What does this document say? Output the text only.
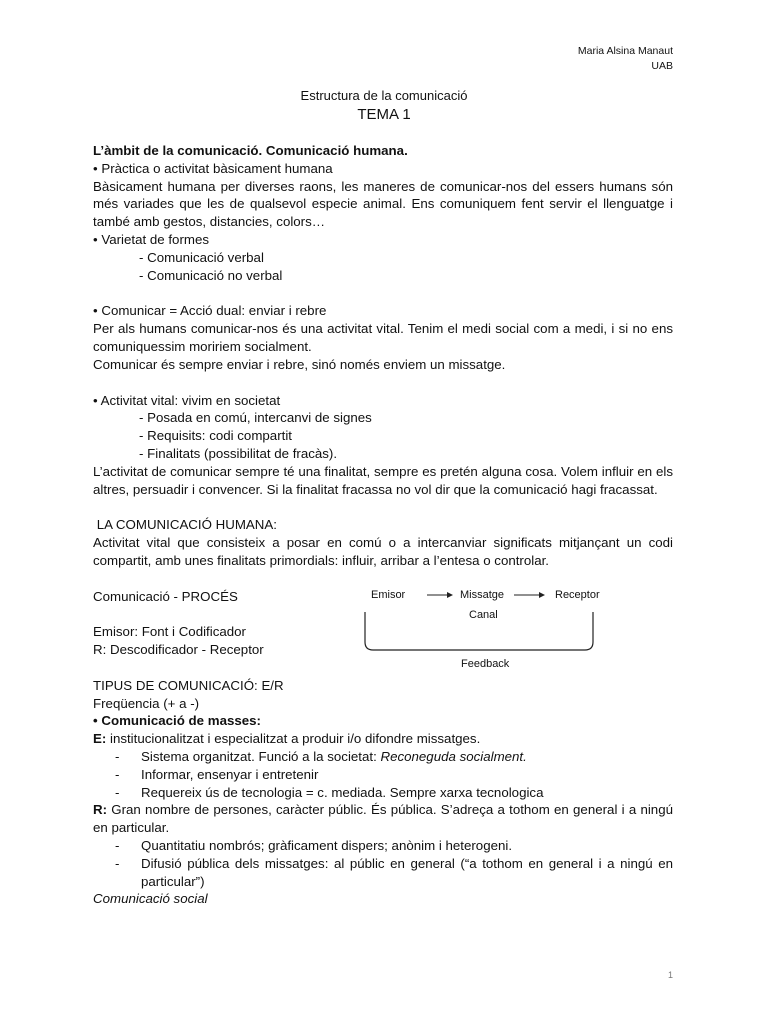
Maria Alsina Manaut
UAB
Estructura de la comunicació
TEMA 1

L’àmbit de la comunicació. Comunicació humana.

• Pràctica o activitat bàsicament humana

Bàsicament humana per diverses raons, les maneres de comunicar-nos del essers humans són més variades que les de qualsevol especie animal. Ens comuniquem fent servir el llenguatge i també amb gestos, distancies, colors…

• Varietat de formes

- Comunicació verbal

- Comunicació no verbal

• Comunicar = Acció dual: enviar i rebre

Per als humans comunicar-nos és una activitat vital. Tenim el medi social com a medi, i si no ens comuniquessim moririem socialment.

Comunicar és sempre enviar i rebre, sinó només enviem un missatge.

• Activitat vital: vivim en societat

- Posada en comú, intercanvi de signes

- Requisits: codi compartit

- Finalitats (possibilitat de fracàs).

L’activitat de comunicar sempre té una finalitat, sempre es pretén alguna cosa. Volem influir en els altres, persuadir i convencer. Si la finalitat fracassa no vol dir que la comunicació hagi fracassat.

LA COMUNICACIÓ HUMANA:

Activitat vital que consisteix a posar en comú o a intercanviar significats mitjançant un codi compartit, amb unes finalitats primordials: influir, arribar a l’entesa o controlar.

Comunicació - PROCÉS

Emisor: Font i Codificador

R: Descodificador - Receptor

Emisor	Missatge	Receptor
Canal
Feedback

TIPUS DE COMUNICACIÓ: E/R

Freqüencia (+ a -)

• Comunicació de masses:

E: institucionalitzat i especialitzat a produir i/o difondre missatges.

-	Sistema organitzat. Funció a la societat: Reconeguda socialment.
-	Informar, ensenyar i entretenir
-	Requereix ús de tecnologia = c. mediada. Sempre xarxa tecnologica

R: Gran nombre de persones, caràcter públic. És pública. S’adreça a tothom en general i a ningú en particular.

-	Quantitatiu nombrós; gràficament dispers; anònim i heterogeni.
-	Difusió pública dels missatges: al públic en general (“a tothom en general i a ningú en particular”)

Comunicació social

1
